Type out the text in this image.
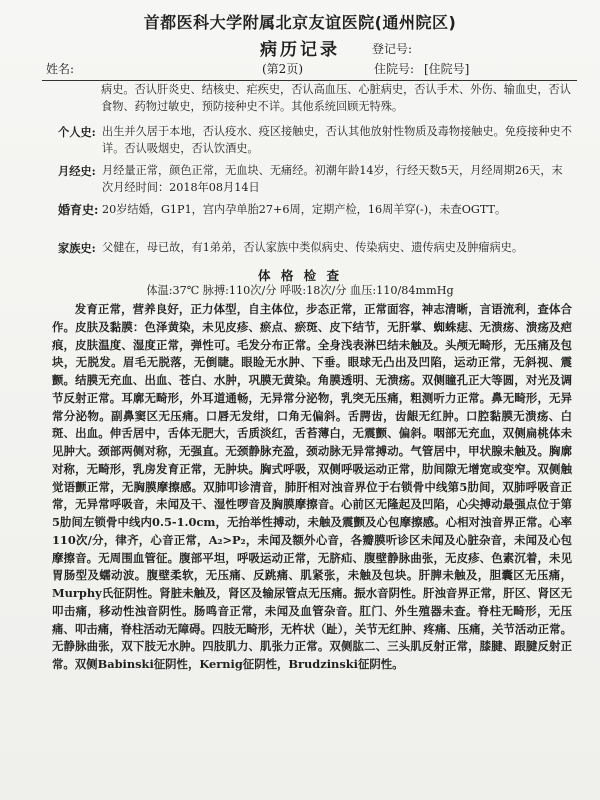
首都医科大学附属北京友谊医院(通州院区)
病历记录	登记号:
姓名:	(第2页)	住院号: [住院号]

病史。否认肝炎史、结核史、疟疾史，否认高血压、心脏病史，否认手术、外伤、输血史，否认食物、药物过敏史，预防接种史不详。其他系统回顾无特殊。

个人史: 出生并久居于本地，否认疫水、疫区接触史，否认其他放射性物质及毒物接触史。免疫接种史不详。否认吸烟史，否认饮酒史。

月经史: 月经量正常，颜色正常，无血块、无痛经。初潮年龄14岁，行经天数5天，月经周期26天，末次月经时间：2018年08月14日

婚育史: 20岁结婚，G1P1，宫内孕单胎27+6周，定期产检，16周羊穿(-)，未查OGTT。

家族史: 父健在，母已故，有1弟弟，否认家族中类似病史、传染病史、遗传病史及肿瘤病史。

体 格 检 查
体温:37℃ 脉搏:110次/分 呼吸:18次/分 血压:110/84mmHg

发育正常，营养良好，正力体型，自主体位，步态正常，正常面容，神志清晰，言语流利，查体合作。皮肤及黏膜：色泽黄染，未见皮疹、瘀点、瘀斑、皮下结节，无肝掌、蜘蛛痣、无溃疡、溃疡及疤痕，皮肤温度、湿度正常，弹性可。毛发分布正常。全身浅表淋巴结未触及。头颅无畸形，无压痛及包块，无脱发。眉毛无脱落，无倒睫。眼睑无水肿、下垂。眼球无凸出及凹陷，运动正常，无斜视、震颤。结膜无充血、出血、苍白、水肿，巩膜无黄染。角膜透明、无溃疡。双侧瞳孔正大等圆，对光及调节反射正常。耳廓无畸形，外耳道通畅，无异常分泌物，乳突无压痛，粗测听力正常。鼻无畸形，无异常分泌物。副鼻窦区无压痛。口唇无发绀，口角无偏斜。舌腭齿，齿龈无红肿。口腔黏膜无溃疡、白斑、出血。伸舌居中，舌体无肥大，舌质淡红，舌苔薄白，无震颤、偏斜。咽部无充血，双侧扁桃体未见肿大。颈部两侧对称，无强直。无颈静脉充盈，颈动脉无异常搏动。气管居中，甲状腺未触及。胸廓对称，无畸形，乳房发育正常，无肿块。胸式呼吸，双侧呼吸运动正常，肋间隙无增宽或变窄。双侧触觉语颤正常，无胸膜摩擦感。双肺叩诊清音，肺肝相对浊音界位于右锁骨中线第5肋间，双肺呼吸音正常，无异常呼吸音，未闻及干、湿性啰音及胸膜摩擦音。心前区无隆起及凹陷，心尖搏动最强点位于第5肋间左锁骨中线内0.5-1.0cm，无抬举性搏动，未触及震颤及心包摩擦感。心相对浊音界正常。心率110次/分，律齐，心音正常，A₂>P₂，未闻及额外心音，各瓣膜听诊区未闻及心脏杂音，未闻及心包摩擦音。无周围血管征。腹部平坦，呼吸运动正常，无脐疝、腹壁静脉曲张，无皮疹、色素沉着，未见胃肠型及蠕动波。腹壁柔软，无压痛、反跳痛、肌紧张，未触及包块。肝脾未触及，胆囊区无压痛，Murphy氏征阴性。肾脏未触及，肾区及输尿管点无压痛。振水音阴性。肝浊音界正常，肝区、肾区无叩击痛，移动性浊音阴性。肠鸣音正常，未闻及血管杂音。肛门、外生殖器未查。脊柱无畸形，无压痛、叩击痛，脊柱活动无障碍。四肢无畸形，无杵状（趾），关节无红肿、疼痛、压痛，关节活动正常。无静脉曲张，双下肢无水肿。四肢肌力、肌张力正常。双侧肱二、三头肌反射正常，膝腱、跟腱反射正常。双侧Babinski征阴性，Kernig征阴性，Brudzinski征阴性。
